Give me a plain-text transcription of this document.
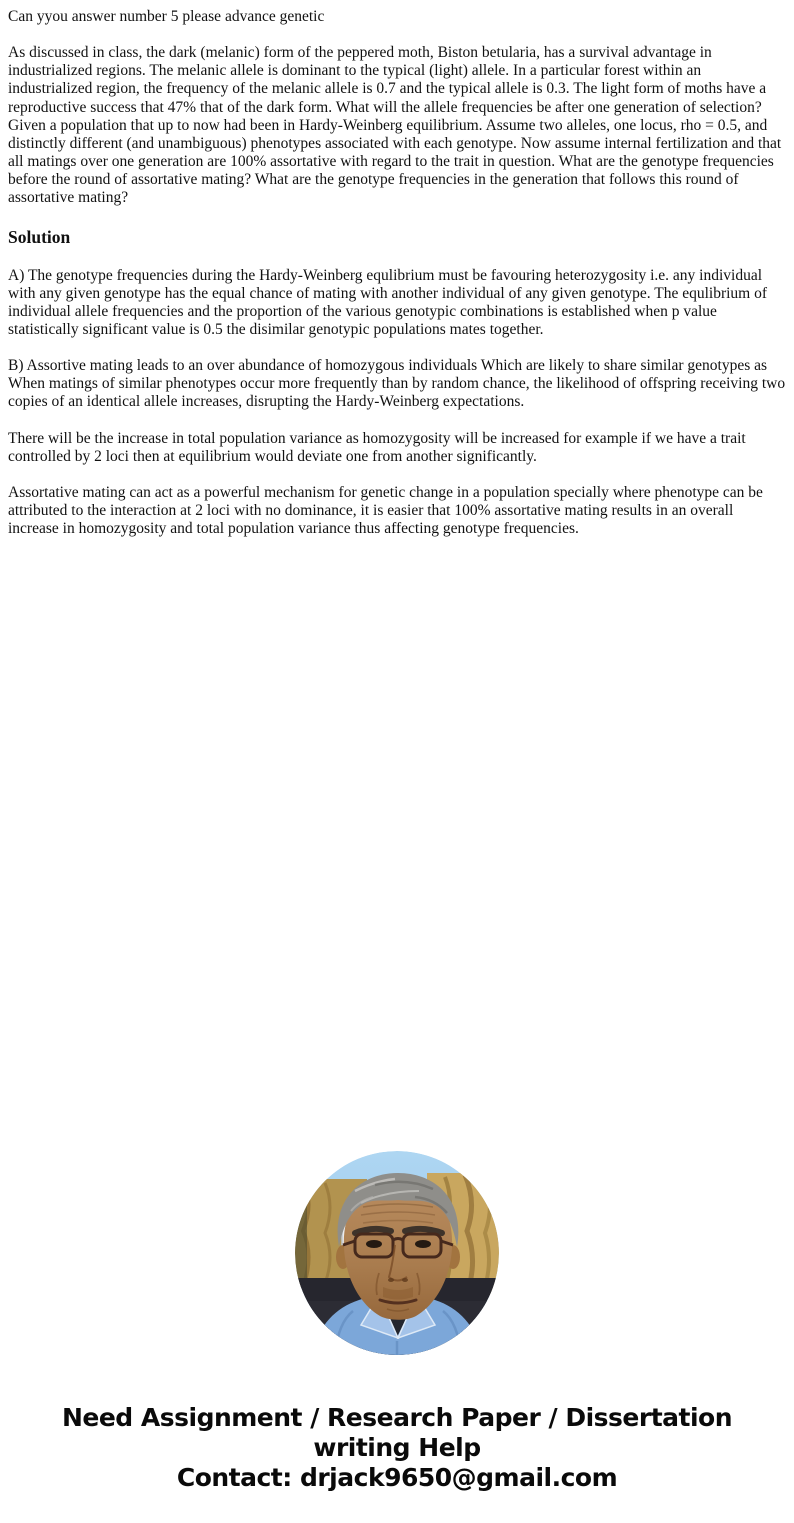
Can yyou answer number 5 please advance genetic

As discussed in class, the dark (melanic) form of the peppered moth, Biston betularia, has a survival advantage in industrialized regions. The melanic allele is dominant to the typical (light) allele. In a particular forest within an industrialized region, the frequency of the melanic allele is 0.7 and the typical allele is 0.3. The light form of moths have a reproductive success that 47% that of the dark form. What will the allele frequencies be after one generation of selection? Given a population that up to now had been in Hardy-Weinberg equilibrium. Assume two alleles, one locus, rho = 0.5, and distinctly different (and unambiguous) phenotypes associated with each genotype. Now assume internal fertilization and that all matings over one generation are 100% assortative with regard to the trait in question. What are the genotype frequencies before the round of assortative mating? What are the genotype frequencies in the generation that follows this round of assortative mating?

Solution

A) The genotype frequencies during the Hardy-Weinberg equlibrium must be favouring heterozygosity i.e. any individual with any given genotype has the equal chance of mating with another individual of any given genotype. The equlibrium of individual allele frequencies and the proportion of the various genotypic combinations is established when p value statistically significant value is 0.5 the disimilar genotypic populations mates together.

B) Assortive mating leads to an over abundance of homozygous individuals Which are likely to share similar genotypes as When matings of similar phenotypes occur more frequently than by random chance, the likelihood of offspring receiving two copies of an identical allele increases, disrupting the Hardy-Weinberg expectations.

There will be the increase in total population variance as homozygosity will be increased for example if we have a trait controlled by 2 loci then at equilibrium would deviate one from another significantly.

Assortative mating can act as a powerful mechanism for genetic change in a population specially where phenotype can be attributed to the interaction at 2 loci with no dominance, it is easier that 100% assortative mating results in an overall increase in homozygosity and total population variance thus affecting genotype frequencies.

Need Assignment / Research Paper / Dissertation writing Help
Contact: drjack9650@gmail.com
